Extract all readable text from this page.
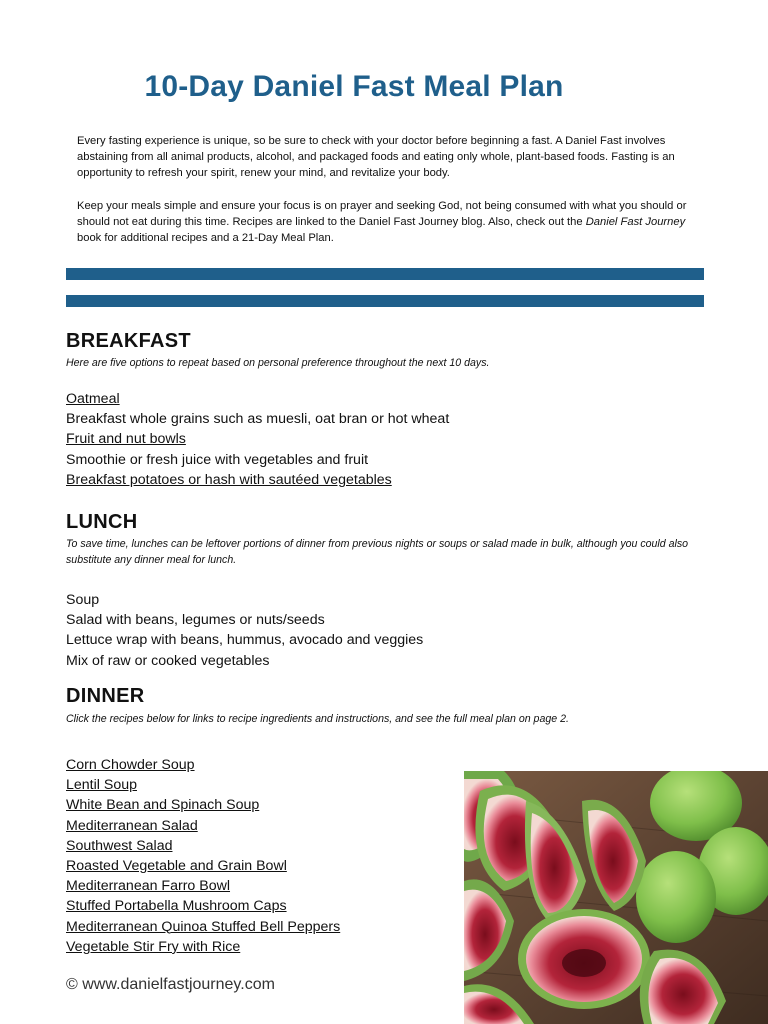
10-Day Daniel Fast Meal Plan

Every fasting experience is unique, so be sure to check with your doctor before beginning a fast. A Daniel Fast involves abstaining from all animal products, alcohol, and packaged foods and eating only whole, plant-based foods. Fasting is an opportunity to refresh your spirit, renew your mind, and revitalize your body.

Keep your meals simple and ensure your focus is on prayer and seeking God, not being consumed with what you should or should not eat during this time. Recipes are linked to the Daniel Fast Journey blog. Also, check out the Daniel Fast Journey book for additional recipes and a 21-Day Meal Plan.

BREAKFAST
Here are five options to repeat based on personal preference throughout the next 10 days.
Oatmeal
Breakfast whole grains such as muesli, oat bran or hot wheat
Fruit and nut bowls
Smoothie or fresh juice with vegetables and fruit
Breakfast potatoes or hash with sautéed vegetables
LUNCH
To save time, lunches can be leftover portions of dinner from previous nights or soups or salad made in bulk, although you could also substitute any dinner meal for lunch.
Soup
Salad with beans, legumes or nuts/seeds
Lettuce wrap with beans, hummus, avocado and veggies
Mix of raw or cooked vegetables
DINNER
Click the recipes below for links to recipe ingredients and instructions, and see the full meal plan on page 2.
Corn Chowder Soup
Lentil Soup
White Bean and Spinach Soup
Mediterranean Salad
Southwest Salad
Roasted Vegetable and Grain Bowl
Mediterranean Farro Bowl
Stuffed Portabella Mushroom Caps
Mediterranean Quinoa Stuffed Bell Peppers
Vegetable Stir Fry with Rice
© www.danielfastjourney.com
